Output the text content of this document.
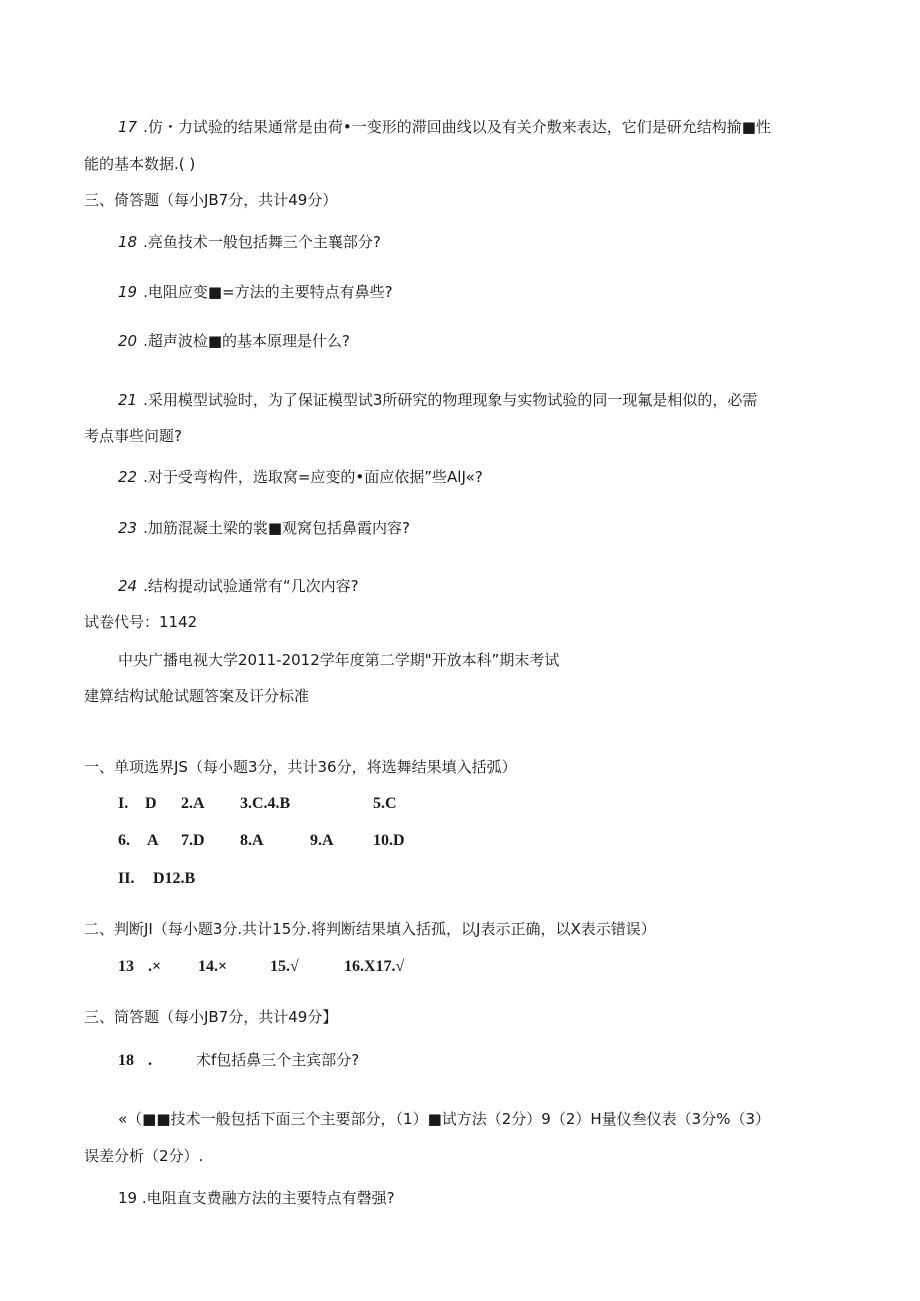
17 .仿・力试验的结果通常是由荷•一变形的滞回曲线以及有关介敷来表达，它们是研允结构揄■性
能的基本数据.( )
三、倚答题（每小JB7分，共计49分）
18 .亮鱼技术一般包括舞三个主襄部分?
19 .电阻应变■=方法的主要特点有鼻些?
20 .超声波检■的基本原理是什么?
21 .采用模型试验时，为了保证模型试3所研究的物理现象与实物试验的同一现氟是相似的，必需
考点事些问题?
22 .对于受弯构件，选取窝=应变的•面应依据”些AlJ«?
23 .加筋混凝土梁的裳■观窝包括鼻霞内容?
24 .结构提动试验通常有“几次内容?
试卷代号：1142
中央广播电视大学2011-2012学年度第二学期"开放本科”期末考试
建算结构试舱试题答案及讦分标准
一、单项选界JS（每小题3分，共计36分，将选舞结果填入括弧）
I. D 2.A 3.C.4.B	5.C
6. A 7.D 8.A	9.A 10.D
II. D12.B
二、判断JI（每小题3分.共计15分.将判断结果填入括孤，以J表示正确，以X表示错误）
13 .× 14.×	15.√	16.X17.√
三、筒答题（每小JB7分，共计49分】
18 .	术f包括鼻三个主宾部分?
«（■■技术一般包括下面三个主要部分，（1）■试方法（2分）9（2）H量仪叁仪表（3分%（3）
误差分析（2分）.
19 .电阻直支费融方法的主要特点有磬强?
